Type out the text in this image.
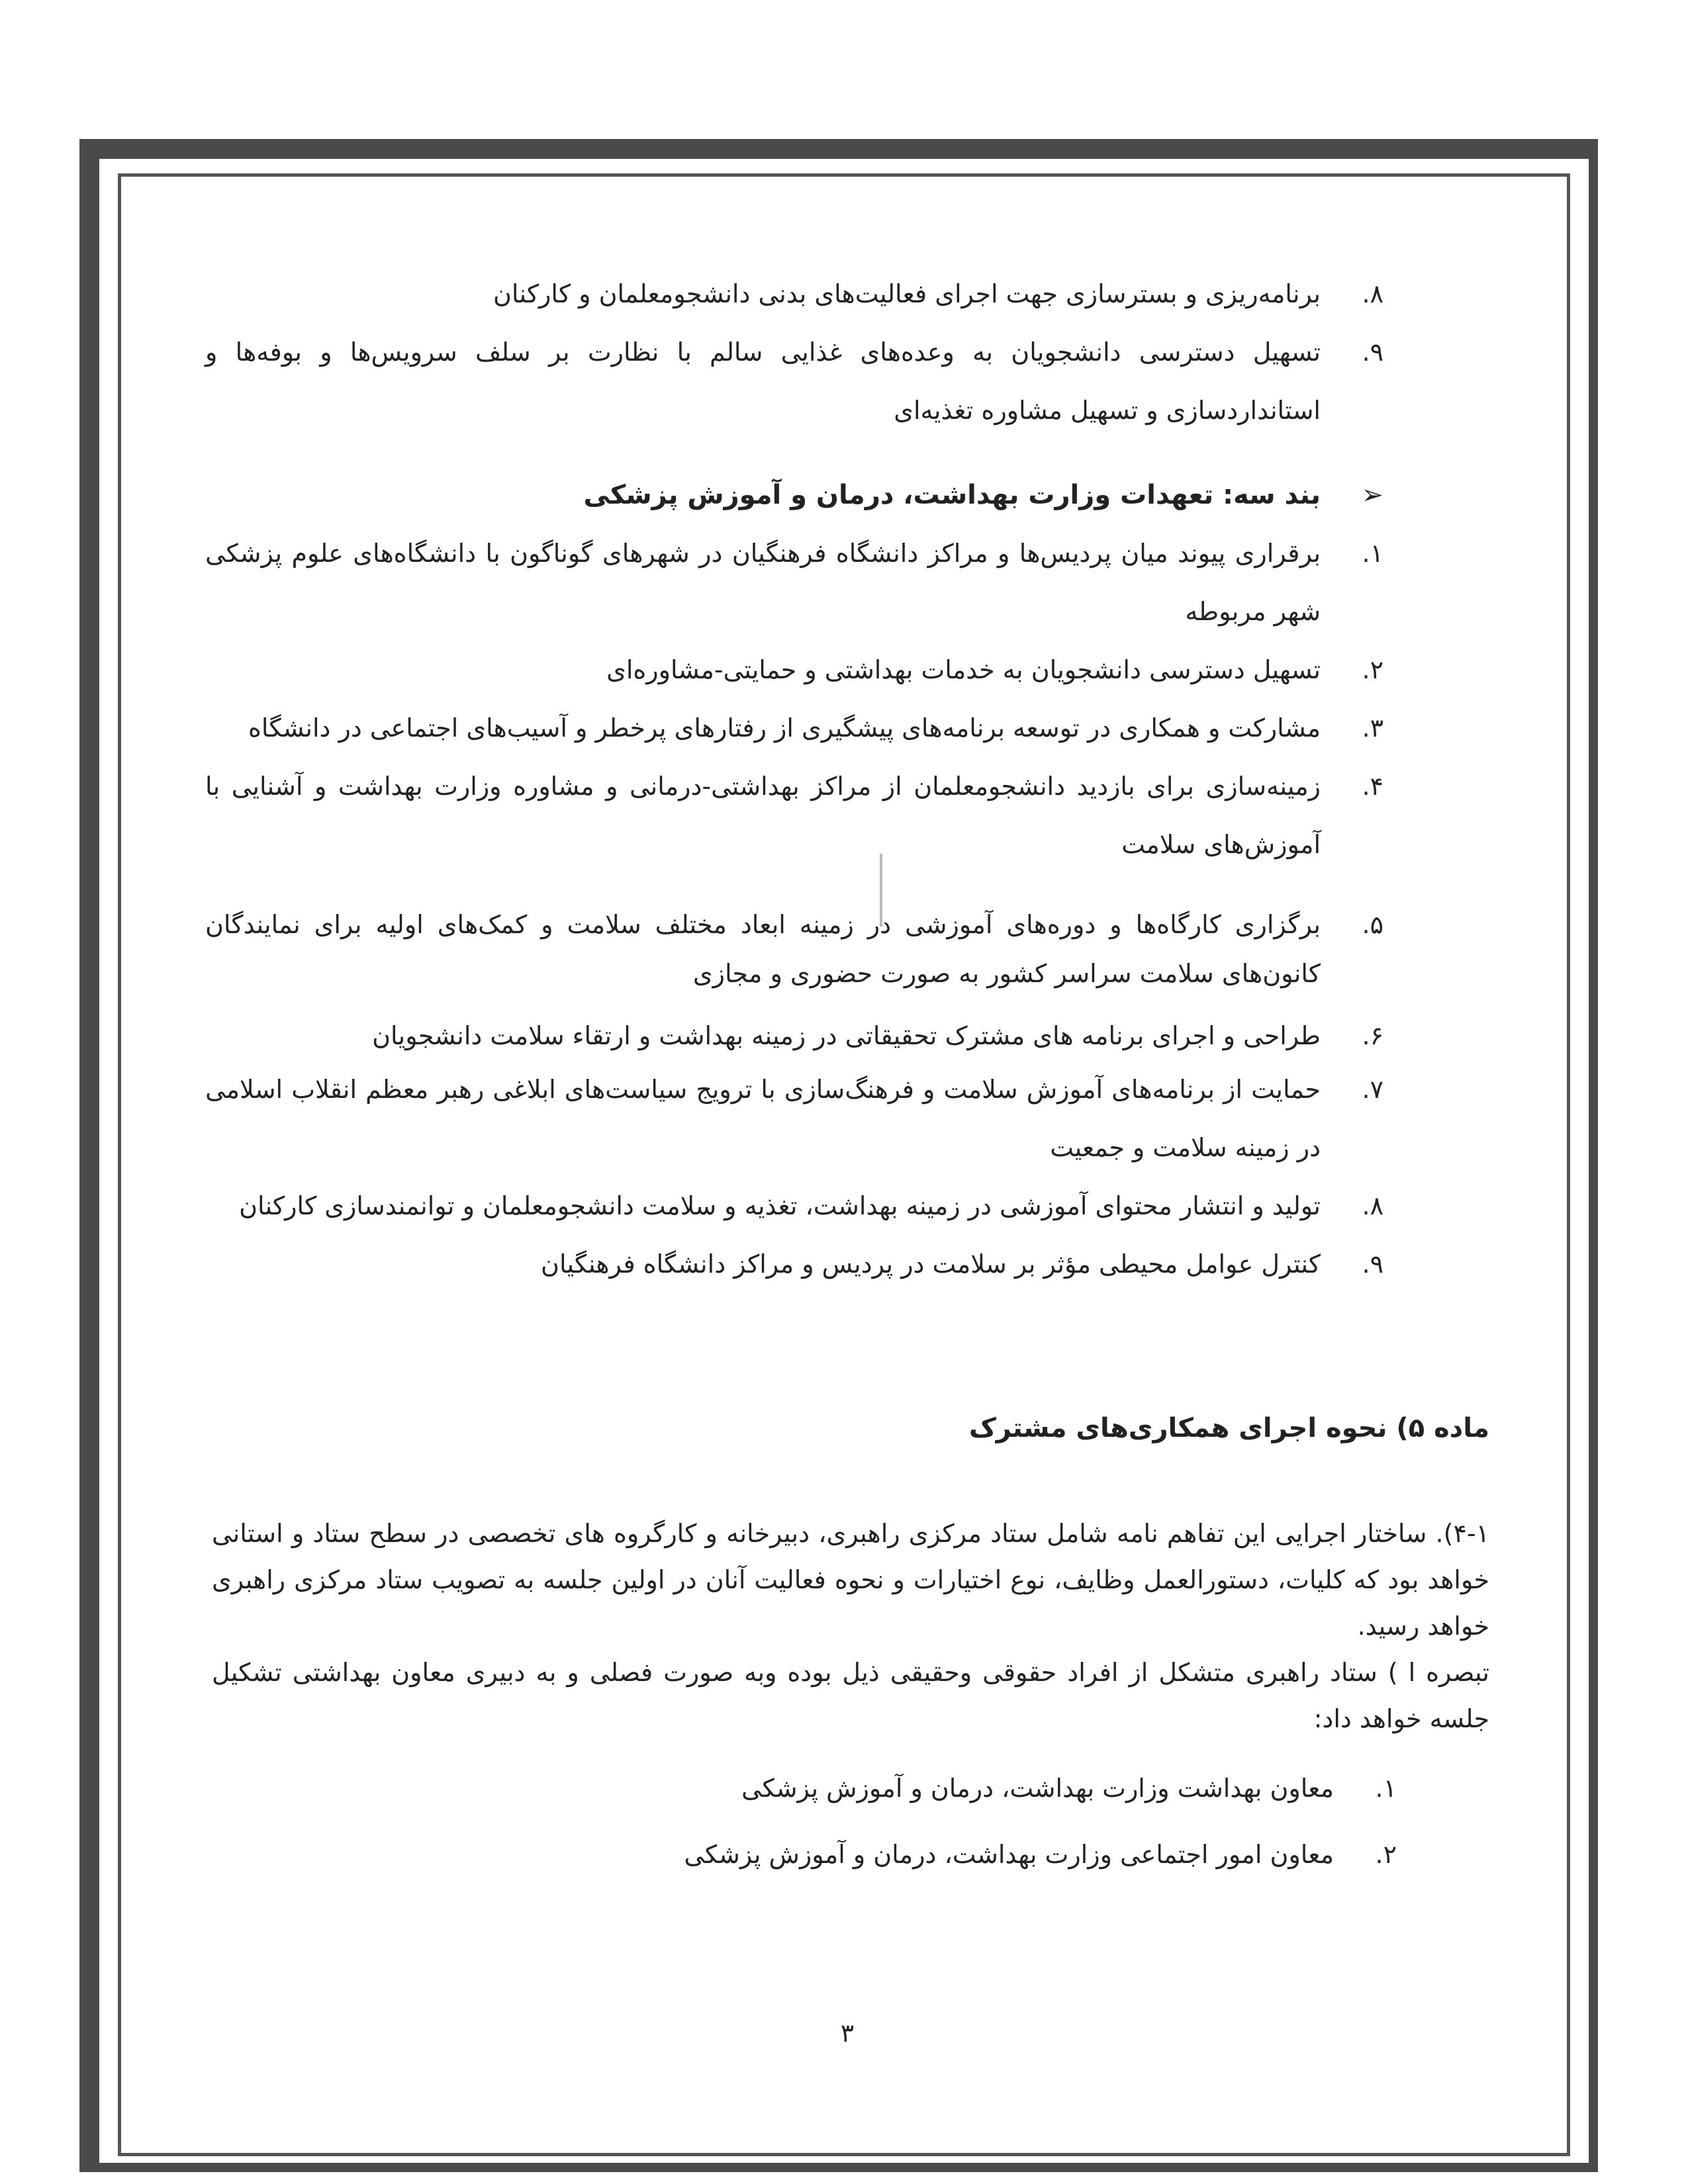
۸.
برنامه‌ریزی و بسترسازی جهت اجرای فعالیت‌های بدنی دانشجومعلمان و کارکنان
۹.
تسهیل دسترسی دانشجویان به وعده‌های غذایی سالم با نظارت بر سلف سرویس‌ها و بوفه‌ها و استانداردسازی و تسهیل مشاوره تغذیه‌ای
➢
بند سه: تعهدات وزارت بهداشت، درمان و آموزش پزشکی
۱.
برقراری پیوند میان پردیس‌ها و مراکز دانشگاه فرهنگیان در شهرهای گوناگون با دانشگاه‌های علوم پزشکی شهر مربوطه
۲.
تسهیل دسترسی دانشجویان به خدمات بهداشتی و حمایتی-مشاوره‌ای
۳.
مشارکت و همکاری در توسعه برنامه‌های پیشگیری از رفتارهای پرخطر و آسیب‌های اجتماعی در دانشگاه
۴.
زمینه‌سازی برای بازدید دانشجومعلمان از مراکز بهداشتی-درمانی و مشاوره وزارت بهداشت و آشنایی با آموزش‌های سلامت
۵.
برگزاری کارگاه‌ها و دوره‌های آموزشی در زمینه ابعاد مختلف سلامت و کمک‌های اولیه برای نمایندگان کانون‌های سلامت سراسر کشور به صورت حضوری و مجازی
۶.
طراحی و اجرای برنامه های مشترک تحقیقاتی در زمینه بهداشت و ارتقاء سلامت دانشجویان
۷.
حمایت از برنامه‌های آموزش سلامت و فرهنگ‌سازی با ترویج سیاست‌های ابلاغی رهبر معظم انقلاب اسلامی در زمینه سلامت و جمعیت
۸.
تولید و انتشار محتوای آموزشی در زمینه بهداشت، تغذیه و سلامت دانشجومعلمان و توانمندسازی کارکنان
۹.
کنترل عوامل محیطی مؤثر بر سلامت در پردیس و مراکز دانشگاه فرهنگیان
ماده ۵) نحوه اجرای همکاری‌های مشترک

۴-۱). ساختار اجرایی این تفاهم نامه شامل ستاد مرکزی راهبری، دبیرخانه و کارگروه های تخصصی در سطح ستاد و استانی خواهد بود که کلیات، دستورالعمل وظایف، نوع اختیارات و نحوه فعالیت آنان در اولین جلسه به تصویب ستاد مرکزی راهبری خواهد رسید.

تبصره ا ) ستاد راهبری متشکل از افراد حقوقی وحقیقی ذیل بوده وبه صورت فصلی و به دبیری معاون بهداشتی تشکیل جلسه خواهد داد:

۱.
معاون بهداشت وزارت بهداشت، درمان و آموزش پزشکی
۲.
معاون امور اجتماعی وزارت بهداشت، درمان و آموزش پزشکی
۳
